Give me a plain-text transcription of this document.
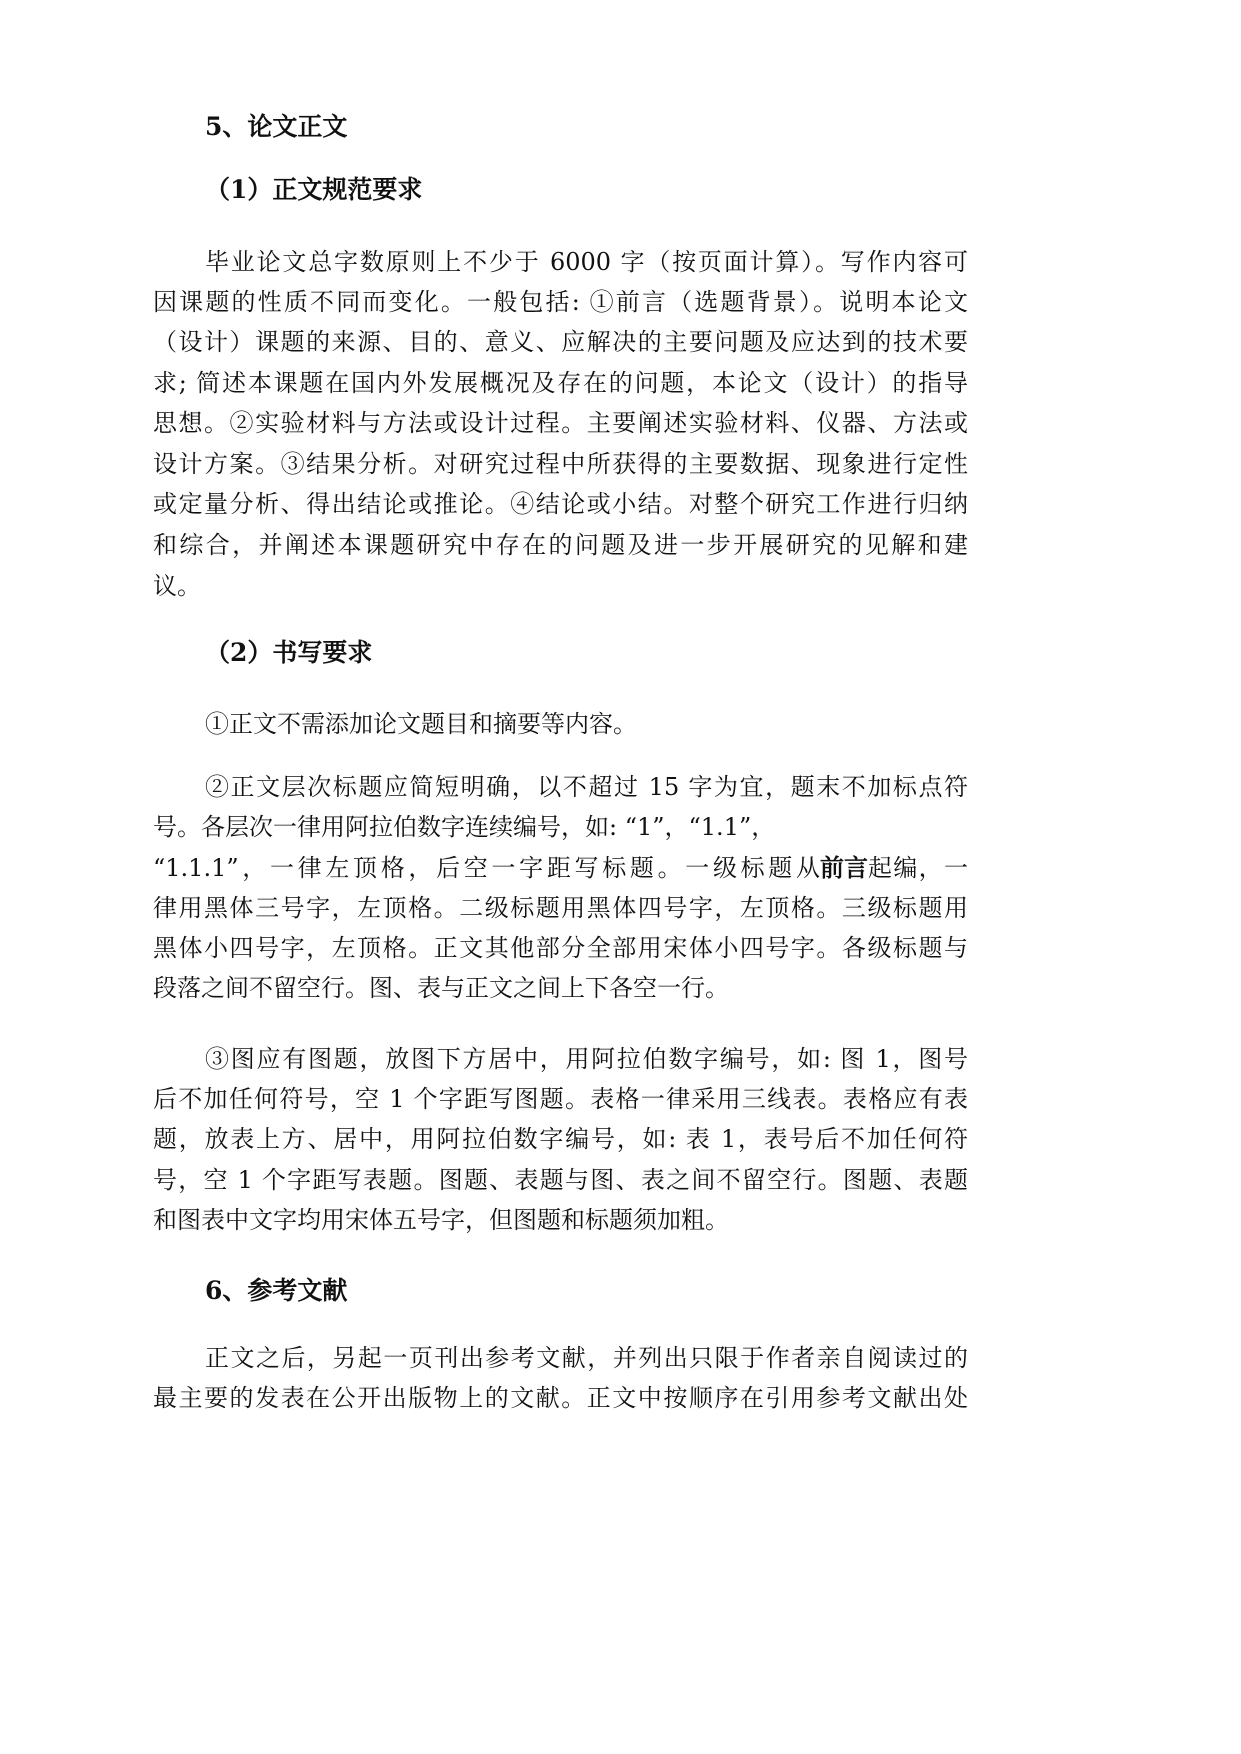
5、论文正文
（1）正文规范要求
毕业论文总字数原则上不少于 6000 字（按页面计算）。写作内容可
因课题的性质不同而变化。一般包括: ①前言（选题背景）。说明本论文
（设计）课题的来源、目的、意义、应解决的主要问题及应达到的技术要
求; 简述本课题在国内外发展概况及存在的问题，本论文（设计）的指导
思想。②实验材料与方法或设计过程。主要阐述实验材料、仪器、方法或
设计方案。③结果分析。对研究过程中所获得的主要数据、现象进行定性
或定量分析、得出结论或推论。④结论或小结。对整个研究工作进行归纳
和综合，并阐述本课题研究中存在的问题及进一步开展研究的见解和建
议。
（2）书写要求
①正文不需添加论文题目和摘要等内容。
②正文层次标题应简短明确，以不超过 15 字为宜，题末不加标点符
号。各层次一律用阿拉伯数字连续编号，如: “1”，“1.1”，
“1.1.1”，一律左顶格，后空一字距写标题。一级标题从 前言 起编，一
律用黑体三号字，左顶格。二级标题用黑体四号字，左顶格。三级标题用
黑体小四号字，左顶格。正文其他部分全部用宋体小四号字。各级标题与
段落之间不留空行。图、表与正文之间上下各空一行。
③图应有图题，放图下方居中，用阿拉伯数字编号，如: 图 1，图号
后不加任何符号，空 1 个字距写图题。表格一律采用三线表。表格应有表
题，放表上方、居中，用阿拉伯数字编号，如: 表 1，表号后不加任何符
号，空 1 个字距写表题。图题、表题与图、表之间不留空行。图题、表题
和图表中文字均用宋体五号字，但图题和标题须加粗。
6、参考文献
正文之后，另起一页刊出参考文献，并列出只限于作者亲自阅读过的
最主要的发表在公开出版物上的文献。正文中按顺序在引用参考文献出处
